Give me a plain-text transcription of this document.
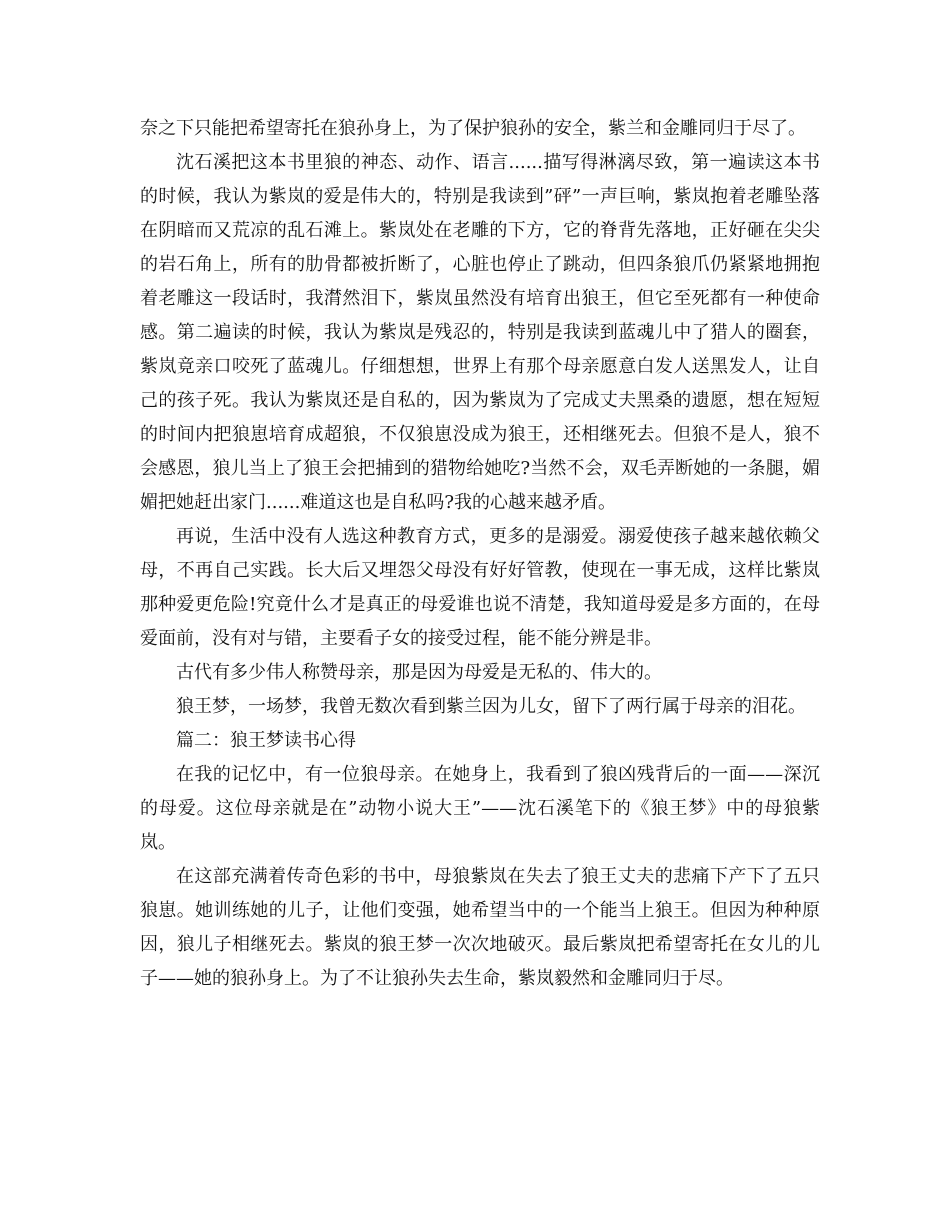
奈之下只能把希望寄托在狼孙身上，为了保护狼孙的安全，紫兰和金雕同归于尽了。

沈石溪把这本书里狼的神态、动作、语言......描写得淋漓尽致，第一遍读这本书的时候，我认为紫岚的爱是伟大的，特别是我读到”砰”一声巨响，紫岚抱着老雕坠落在阴暗而又荒凉的乱石滩上。紫岚处在老雕的下方，它的脊背先落地，正好砸在尖尖的岩石角上，所有的肋骨都被折断了，心脏也停止了跳动，但四条狼爪仍紧紧地拥抱着老雕这一段话时，我潸然泪下，紫岚虽然没有培育出狼王，但它至死都有一种使命感。第二遍读的时候，我认为紫岚是残忍的，特别是我读到蓝魂儿中了猎人的圈套，紫岚竟亲口咬死了蓝魂儿。仔细想想，世界上有那个母亲愿意白发人送黑发人，让自己的孩子死。我认为紫岚还是自私的，因为紫岚为了完成丈夫黑桑的遗愿，想在短短的时间内把狼崽培育成超狼，不仅狼崽没成为狼王，还相继死去。但狼不是人，狼不会感恩，狼儿当上了狼王会把捕到的猎物给她吃?当然不会，双毛弄断她的一条腿，媚媚把她赶出家门......难道这也是自私吗?我的心越来越矛盾。

再说，生活中没有人选这种教育方式，更多的是溺爱。溺爱使孩子越来越依赖父母，不再自己实践。长大后又埋怨父母没有好好管教，使现在一事无成，这样比紫岚那种爱更危险!究竟什么才是真正的母爱谁也说不清楚，我知道母爱是多方面的，在母爱面前，没有对与错，主要看子女的接受过程，能不能分辨是非。

古代有多少伟人称赞母亲，那是因为母爱是无私的、伟大的。

狼王梦，一场梦，我曾无数次看到紫兰因为儿女，留下了两行属于母亲的泪花。

篇二：狼王梦读书心得

在我的记忆中，有一位狼母亲。在她身上，我看到了狼凶残背后的一面——深沉的母爱。这位母亲就是在”动物小说大王”——沈石溪笔下的《狼王梦》中的母狼紫岚。

在这部充满着传奇色彩的书中，母狼紫岚在失去了狼王丈夫的悲痛下产下了五只狼崽。她训练她的儿子，让他们变强，她希望当中的一个能当上狼王。但因为种种原因，狼儿子相继死去。紫岚的狼王梦一次次地破灭。最后紫岚把希望寄托在女儿的儿子——她的狼孙身上。为了不让狼孙失去生命，紫岚毅然和金雕同归于尽。
